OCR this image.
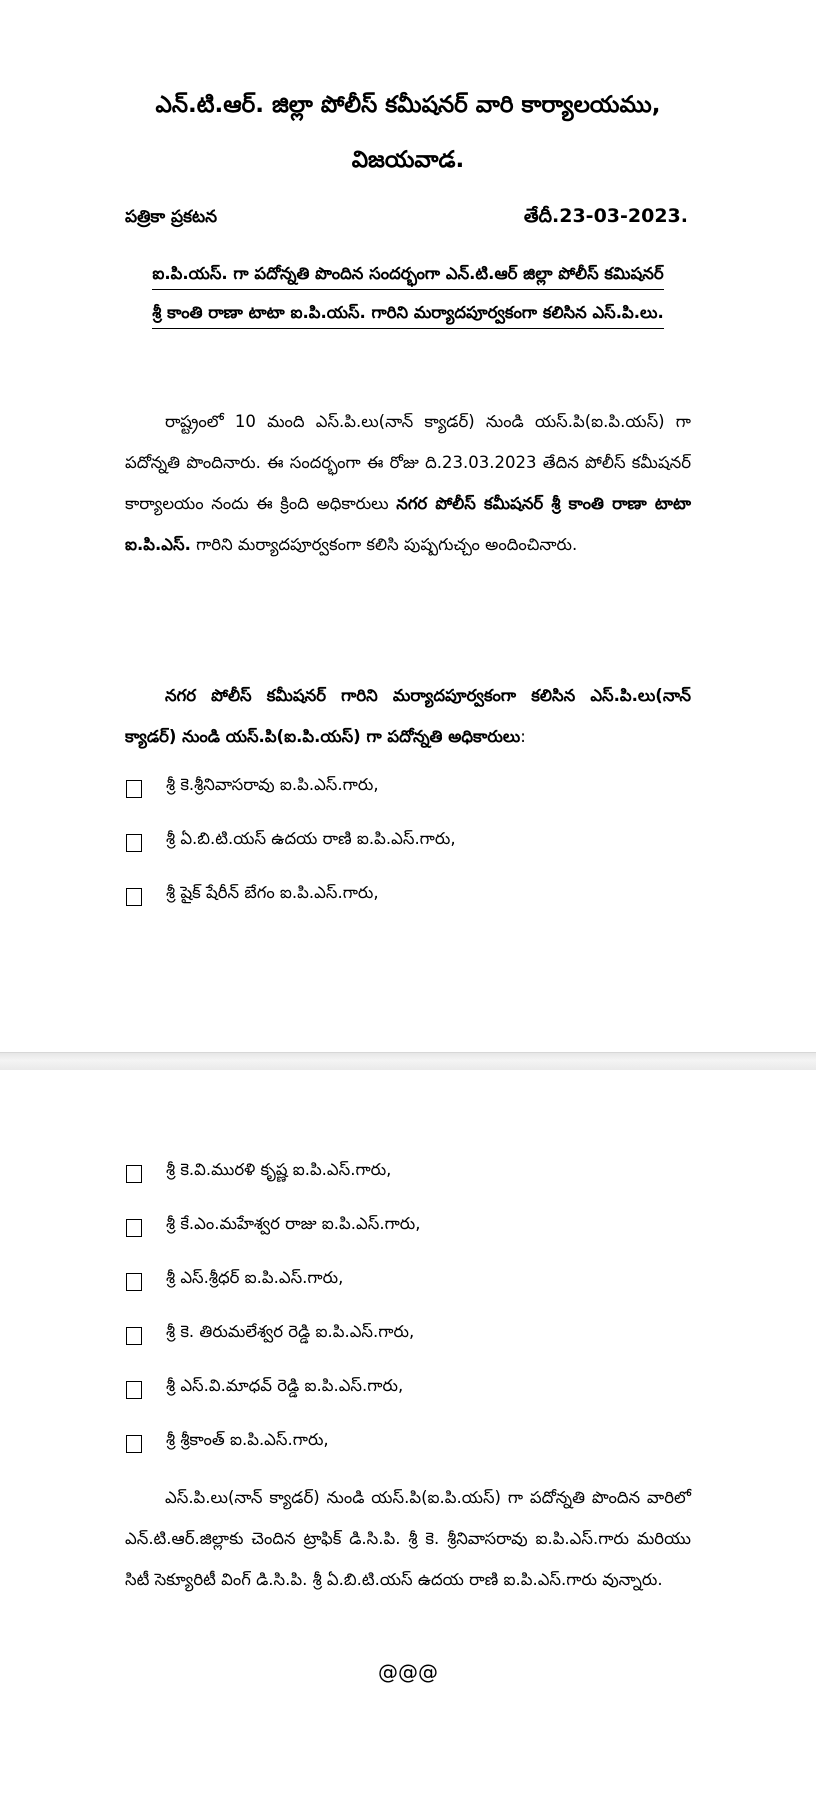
ఎన్.టి.ఆర్. జిల్లా పోలీస్ కమీషనర్ వారి కార్యాలయము,
విజయవాడ.
పత్రికా ప్రకటన	తేదీ.23-03-2023.
ఐ.పి.యస్. గా పదోన్నతి పొందిన సందర్భంగా ఎన్.టి.ఆర్ జిల్లా పోలీస్ కమిషనర్
శ్రీ కాంతి రాణా టాటా ఐ.పి.యస్. గారిని మర్యాదపూర్వకంగా కలిసిన ఎస్.పి.లు.
రాష్ట్రంలో 10 మంది ఎస్.పి.లు(నాన్ క్యాడర్) నుండి యస్.పి(ఐ.పి.యస్) గా పదోన్నతి పొందినారు. ఈ సందర్భంగా ఈ రోజు ది.23.03.2023 తేదిన పోలీస్ కమీషనర్ కార్యాలయం నందు ఈ క్రింది అధికారులు నగర పోలీస్ కమీషనర్ శ్రీ కాంతి రాణా టాటా ఐ.పి.ఎస్. గారిని మర్యాదపూర్వకంగా కలిసి పుష్పగుచ్చం అందించినారు.
నగర పోలీస్ కమీషనర్ గారిని మర్యాదపూర్వకంగా కలిసిన ఎస్.పి.లు(నాన్ క్యాడర్) నుండి యస్.పి(ఐ.పి.యస్) గా పదోన్నతి అధికారులు:
శ్రీ కె.శ్రీనివాసరావు ఐ.పి.ఎస్.గారు,
శ్రీ ఏ.బి.టి.యస్ ఉదయ రాణి ఐ.పి.ఎస్.గారు,
శ్రీ షైక్ షేరీన్ బేగం ఐ.పి.ఎస్.గారు,
శ్రీ కె.వి.మురళి కృష్ణ ఐ.పి.ఎస్.గారు,
శ్రీ కే.ఎం.మహేశ్వర రాజు ఐ.పి.ఎస్.గారు,
శ్రీ ఎస్.శ్రీధర్ ఐ.పి.ఎస్.గారు,
శ్రీ కె. తిరుమలేశ్వర రెడ్డి ఐ.పి.ఎస్.గారు,
శ్రీ ఎస్.వి.మాధవ్ రెడ్డి ఐ.పి.ఎస్.గారు,
శ్రీ శ్రీకాంత్ ఐ.పి.ఎస్.గారు,
ఎస్.పి.లు(నాన్ క్యాడర్) నుండి యస్.పి(ఐ.పి.యస్) గా పదోన్నతి పొందిన వారిలో ఎన్.టి.ఆర్.జిల్లాకు చెందిన ట్రాఫిక్ డి.సి.పి. శ్రీ కె. శ్రీనివాసరావు ఐ.పి.ఎస్.గారు మరియు సిటీ సెక్యూరిటీ వింగ్ డి.సి.పి. శ్రీ ఏ.బి.టి.యస్ ఉదయ రాణి ఐ.పి.ఎస్.గారు వున్నారు.
@@@
